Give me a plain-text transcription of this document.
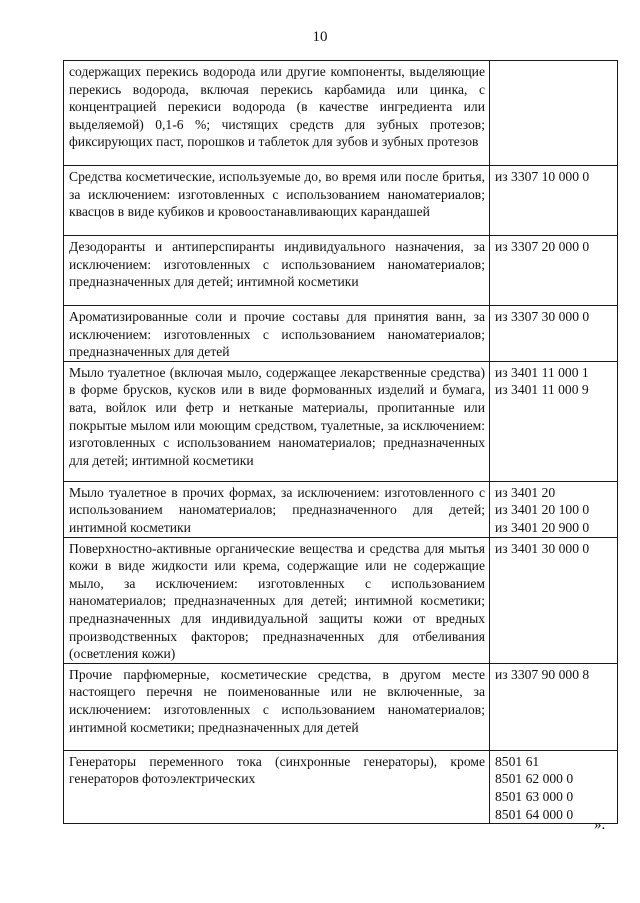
10
содержащих перекись водорода или другие компоненты, выделяющие перекись водорода, включая перекись карбамида или цинка, с концентрацией перекиси водорода (в качестве ингредиента или выделяемой) 0,1-6 %; чистящих средств для зубных протезов; фиксирующих паст, порошков и таблеток для зубов и зубных протезов	
Средства косметические, используемые до, во время или после бритья, за исключением: изготовленных с использованием наноматериалов; квасцов в виде кубиков и кровоостанавливающих карандашей	из 3307 10 000 0

Дезодоранты и антиперспиранты индивидуального назначения, за исключением: изготовленных с использованием наноматериалов; предназначенных для детей; интимной косметики	из 3307 20 000 0

Ароматизированные соли и прочие составы для принятия ванн, за исключением: изготовленных с использованием наноматериалов; предназначенных для детей	из 3307 30 000 0

Мыло туалетное (включая мыло, содержащее лекарственные средства) в форме брусков, кусков или в виде формованных изделий и бумага, вата, войлок или фетр и нетканые материалы, пропитанные или покрытые мылом или моющим средством, туалетные, за исключением: изготовленных с использованием наноматериалов; предназначенных для детей; интимной косметики	из 3401 11 000 1
из 3401 11 000 9

Мыло туалетное в прочих формах, за исключением: изготовленного с использованием наноматериалов; предназначенного для детей; интимной косметики	из 3401 20
из 3401 20 100 0
из 3401 20 900 0

Поверхностно-активные органические вещества и средства для мытья кожи в виде жидкости или крема, содержащие или не содержащие мыло, за исключением: изготовленных с использованием наноматериалов; предназначенных для детей; интимной косметики; предназначенных для индивидуальной защиты кожи от вредных производственных факторов; предназначенных для отбеливания (осветления кожи)	из 3401 30 000 0

Прочие парфюмерные, косметические средства, в другом месте настоящего перечня не поименованные или не включенные, за исключением: изготовленных с использованием наноматериалов; интимной косметики; предназначенных для детей	из 3307 90 000 8

Генераторы переменного тока (синхронные генераторы), кроме генераторов фотоэлектрических	8501 61
8501 62 000 0
8501 63 000 0
8501 64 000 0
».
